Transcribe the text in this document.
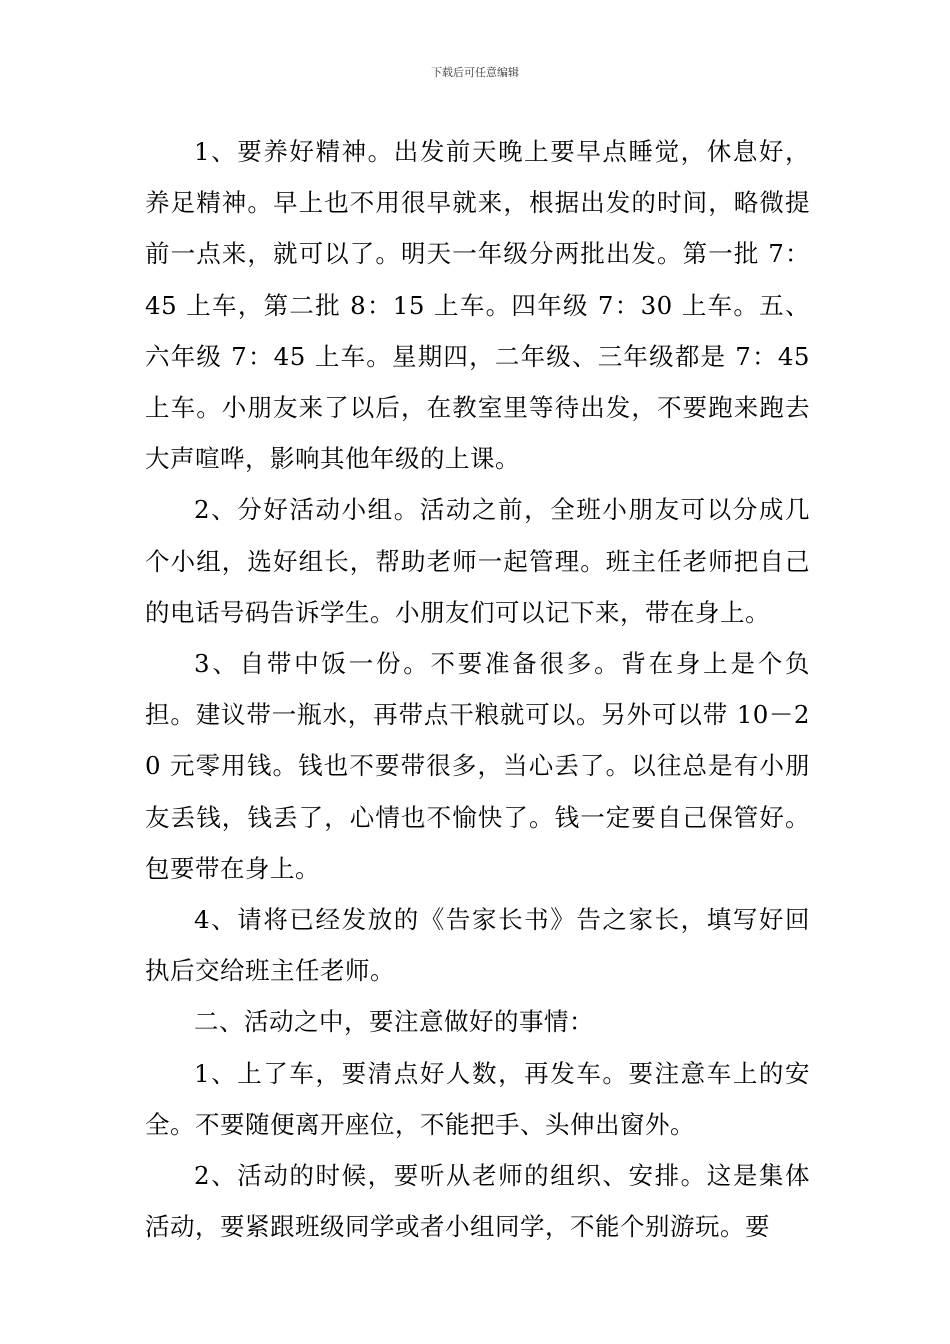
下载后可任意编辑

1、要养好精神。出发前天晚上要早点睡觉，休息好，养足精神。早上也不用很早就来，根据出发的时间，略微提前一点来，就可以了。明天一年级分两批出发。第一批 7：45 上车，第二批 8：15 上车。四年级 7：30 上车。五、六年级 7：45 上车。星期四，二年级、三年级都是 7：45 上车。小朋友来了以后，在教室里等待出发，不要跑来跑去大声喧哗，影响其他年级的上课。

2、分好活动小组。活动之前，全班小朋友可以分成几个小组，选好组长，帮助老师一起管理。班主任老师把自己的电话号码告诉学生。小朋友们可以记下来，带在身上。

3、自带中饭一份。不要准备很多。背在身上是个负担。建议带一瓶水，再带点干粮就可以。另外可以带 10－20 元零用钱。钱也不要带很多，当心丢了。以往总是有小朋友丢钱，钱丢了，心情也不愉快了。钱一定要自己保管好。包要带在身上。

4、请将已经发放的《告家长书》告之家长，填写好回执后交给班主任老师。

二、活动之中，要注意做好的事情：

1、上了车，要清点好人数，再发车。要注意车上的安全。不要随便离开座位，不能把手、头伸出窗外。

2、活动的时候，要听从老师的组织、安排。这是集体活动，要紧跟班级同学或者小组同学，不能个别游玩。要
